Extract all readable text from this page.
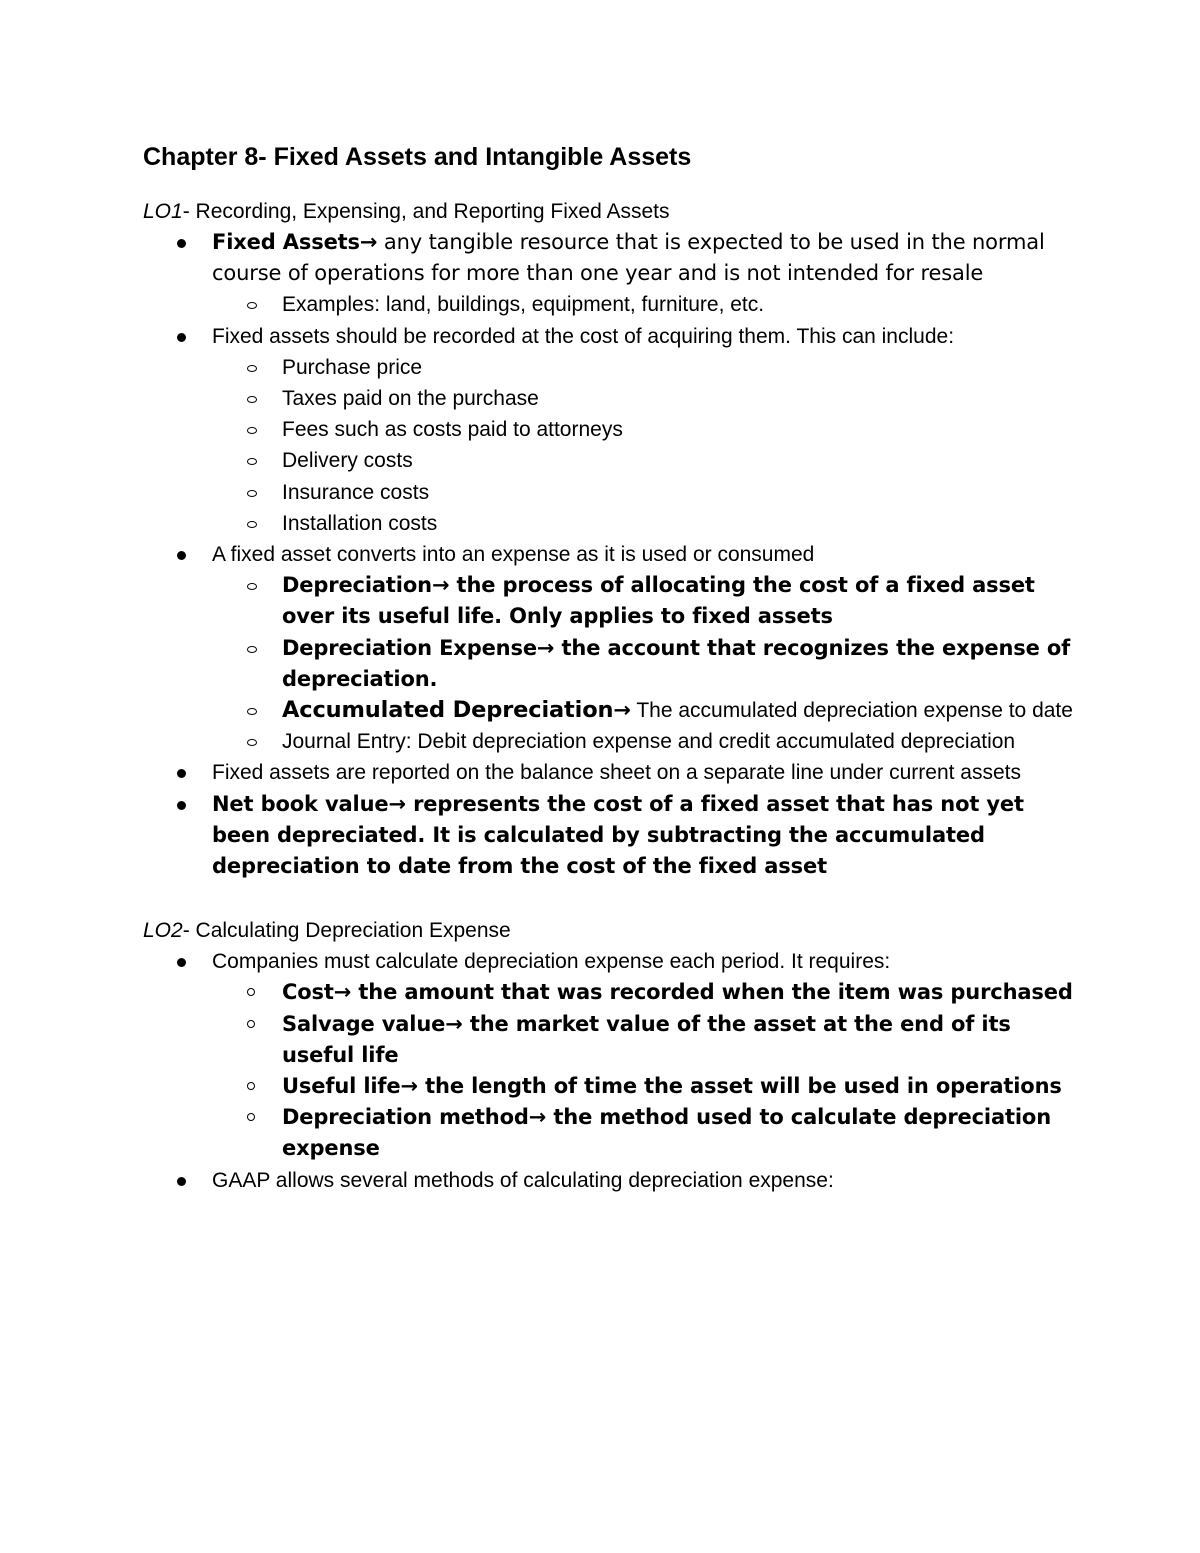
Chapter 8- Fixed Assets and Intangible Assets

LO1- Recording, Expensing, and Reporting Fixed Assets

Fixed Assets→ any tangible resource that is expected to be used in the normal course of operations for more than one year and is not intended for resale
Examples: land, buildings, equipment, furniture, etc.
Fixed assets should be recorded at the cost of acquiring them. This can include:
Purchase price
Taxes paid on the purchase
Fees such as costs paid to attorneys
Delivery costs
Insurance costs
Installation costs
A fixed asset converts into an expense as it is used or consumed
Depreciation→ the process of allocating the cost of a fixed asset over its useful life. Only applies to fixed assets
Depreciation Expense→ the account that recognizes the expense of depreciation.
Accumulated Depreciation→ The accumulated depreciation expense to date
Journal Entry: Debit depreciation expense and credit accumulated depreciation
Fixed assets are reported on the balance sheet on a separate line under current assets
Net book value→ represents the cost of a fixed asset that has not yet been depreciated. It is calculated by subtracting the accumulated depreciation to date from the cost of the fixed asset

LO2- Calculating Depreciation Expense

Companies must calculate depreciation expense each period. It requires:
Cost→ the amount that was recorded when the item was purchased
Salvage value→ the market value of the asset at the end of its useful life
Useful life→ the length of time the asset will be used in operations
Depreciation method→ the method used to calculate depreciation expense
GAAP allows several methods of calculating depreciation expense:
